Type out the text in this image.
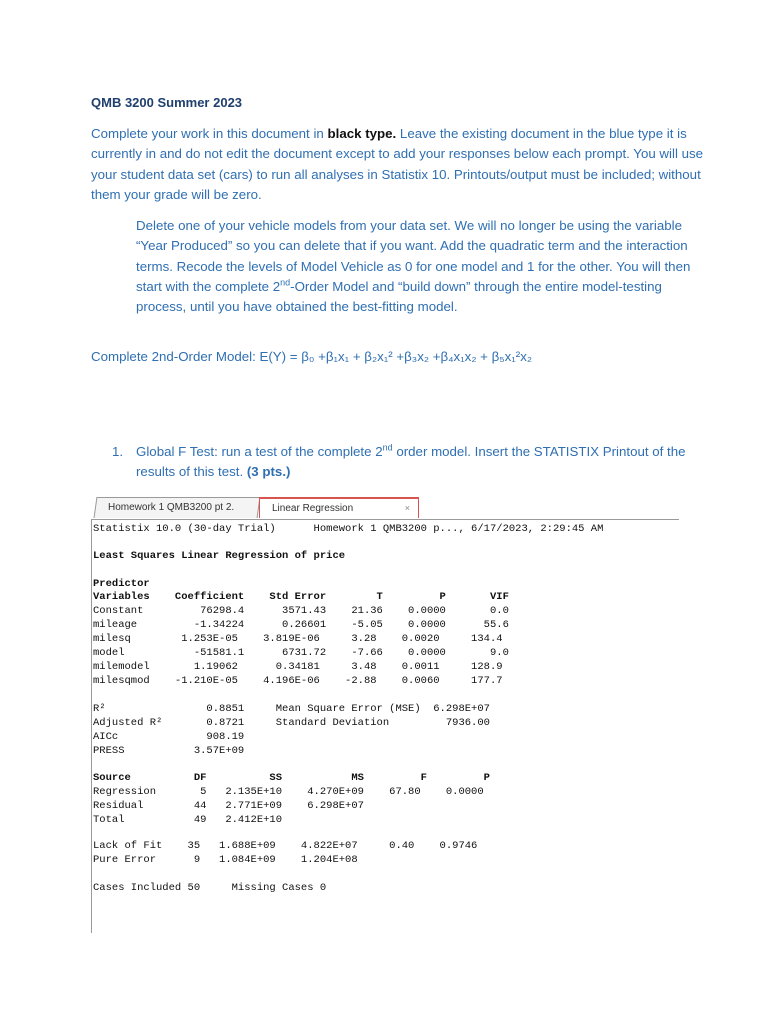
QMB 3200 Summer 2023
Complete your work in this document in black type. Leave the existing document in the blue type it is currently in and do not edit the document except to add your responses below each prompt. You will use your student data set (cars) to run all analyses in Statistix 10. Printouts/output must be included; without them your grade will be zero.
Delete one of your vehicle models from your data set. We will no longer be using the variable “Year Produced” so you can delete that if you want. Add the quadratic term and the interaction terms. Recode the levels of Model Vehicle as 0 for one model and 1 for the other. You will then start with the complete 2nd-Order Model and “build down” through the entire model-testing process, until you have obtained the best-fitting model.
Complete 2nd-Order Model: E(Y) = β₀ +β₁x₁ + β₂x₁² +β₃x₂ +β₄x₁x₂ + β₅x₁²x₂
1. Global F Test: run a test of the complete 2nd order model. Insert the STATISTIX Printout of the results of this test. (3 pts.)
Homework 1 QMB3200 pt 2.	Linear Regression	×
Statistix 10.0 (30-day Trial)      Homework 1 QMB3200 p..., 6/17/2023, 2:29:45 AM
Least Squares Linear Regression of price
Predictor
Variables    Coefficient    Std Error        T         P       VIF
Constant         76298.4      3571.43    21.36    0.0000       0.0
mileage         -1.34224      0.26601    -5.05    0.0000      55.6
milesq        1.253E-05    3.819E-06     3.28    0.0020     134.4
model           -51581.1      6731.72    -7.66    0.0000       9.0
milemodel       1.19062      0.34181     3.48    0.0011     128.9
milesqmod    -1.210E-05    4.196E-06    -2.88    0.0060     177.7
R²                0.8851     Mean Square Error (MSE)  6.298E+07
Adjusted R²       0.8721     Standard Deviation         7936.00
AICc              908.19
PRESS           3.57E+09
Source          DF          SS           MS         F         P
Regression       5   2.135E+10    4.270E+09    67.80    0.0000
Residual        44   2.771E+09    6.298E+07
Total           49   2.412E+10
Lack of Fit    35   1.688E+09    4.822E+07     0.40    0.9746
Pure Error      9   1.084E+09    1.204E+08
Cases Included 50     Missing Cases 0
